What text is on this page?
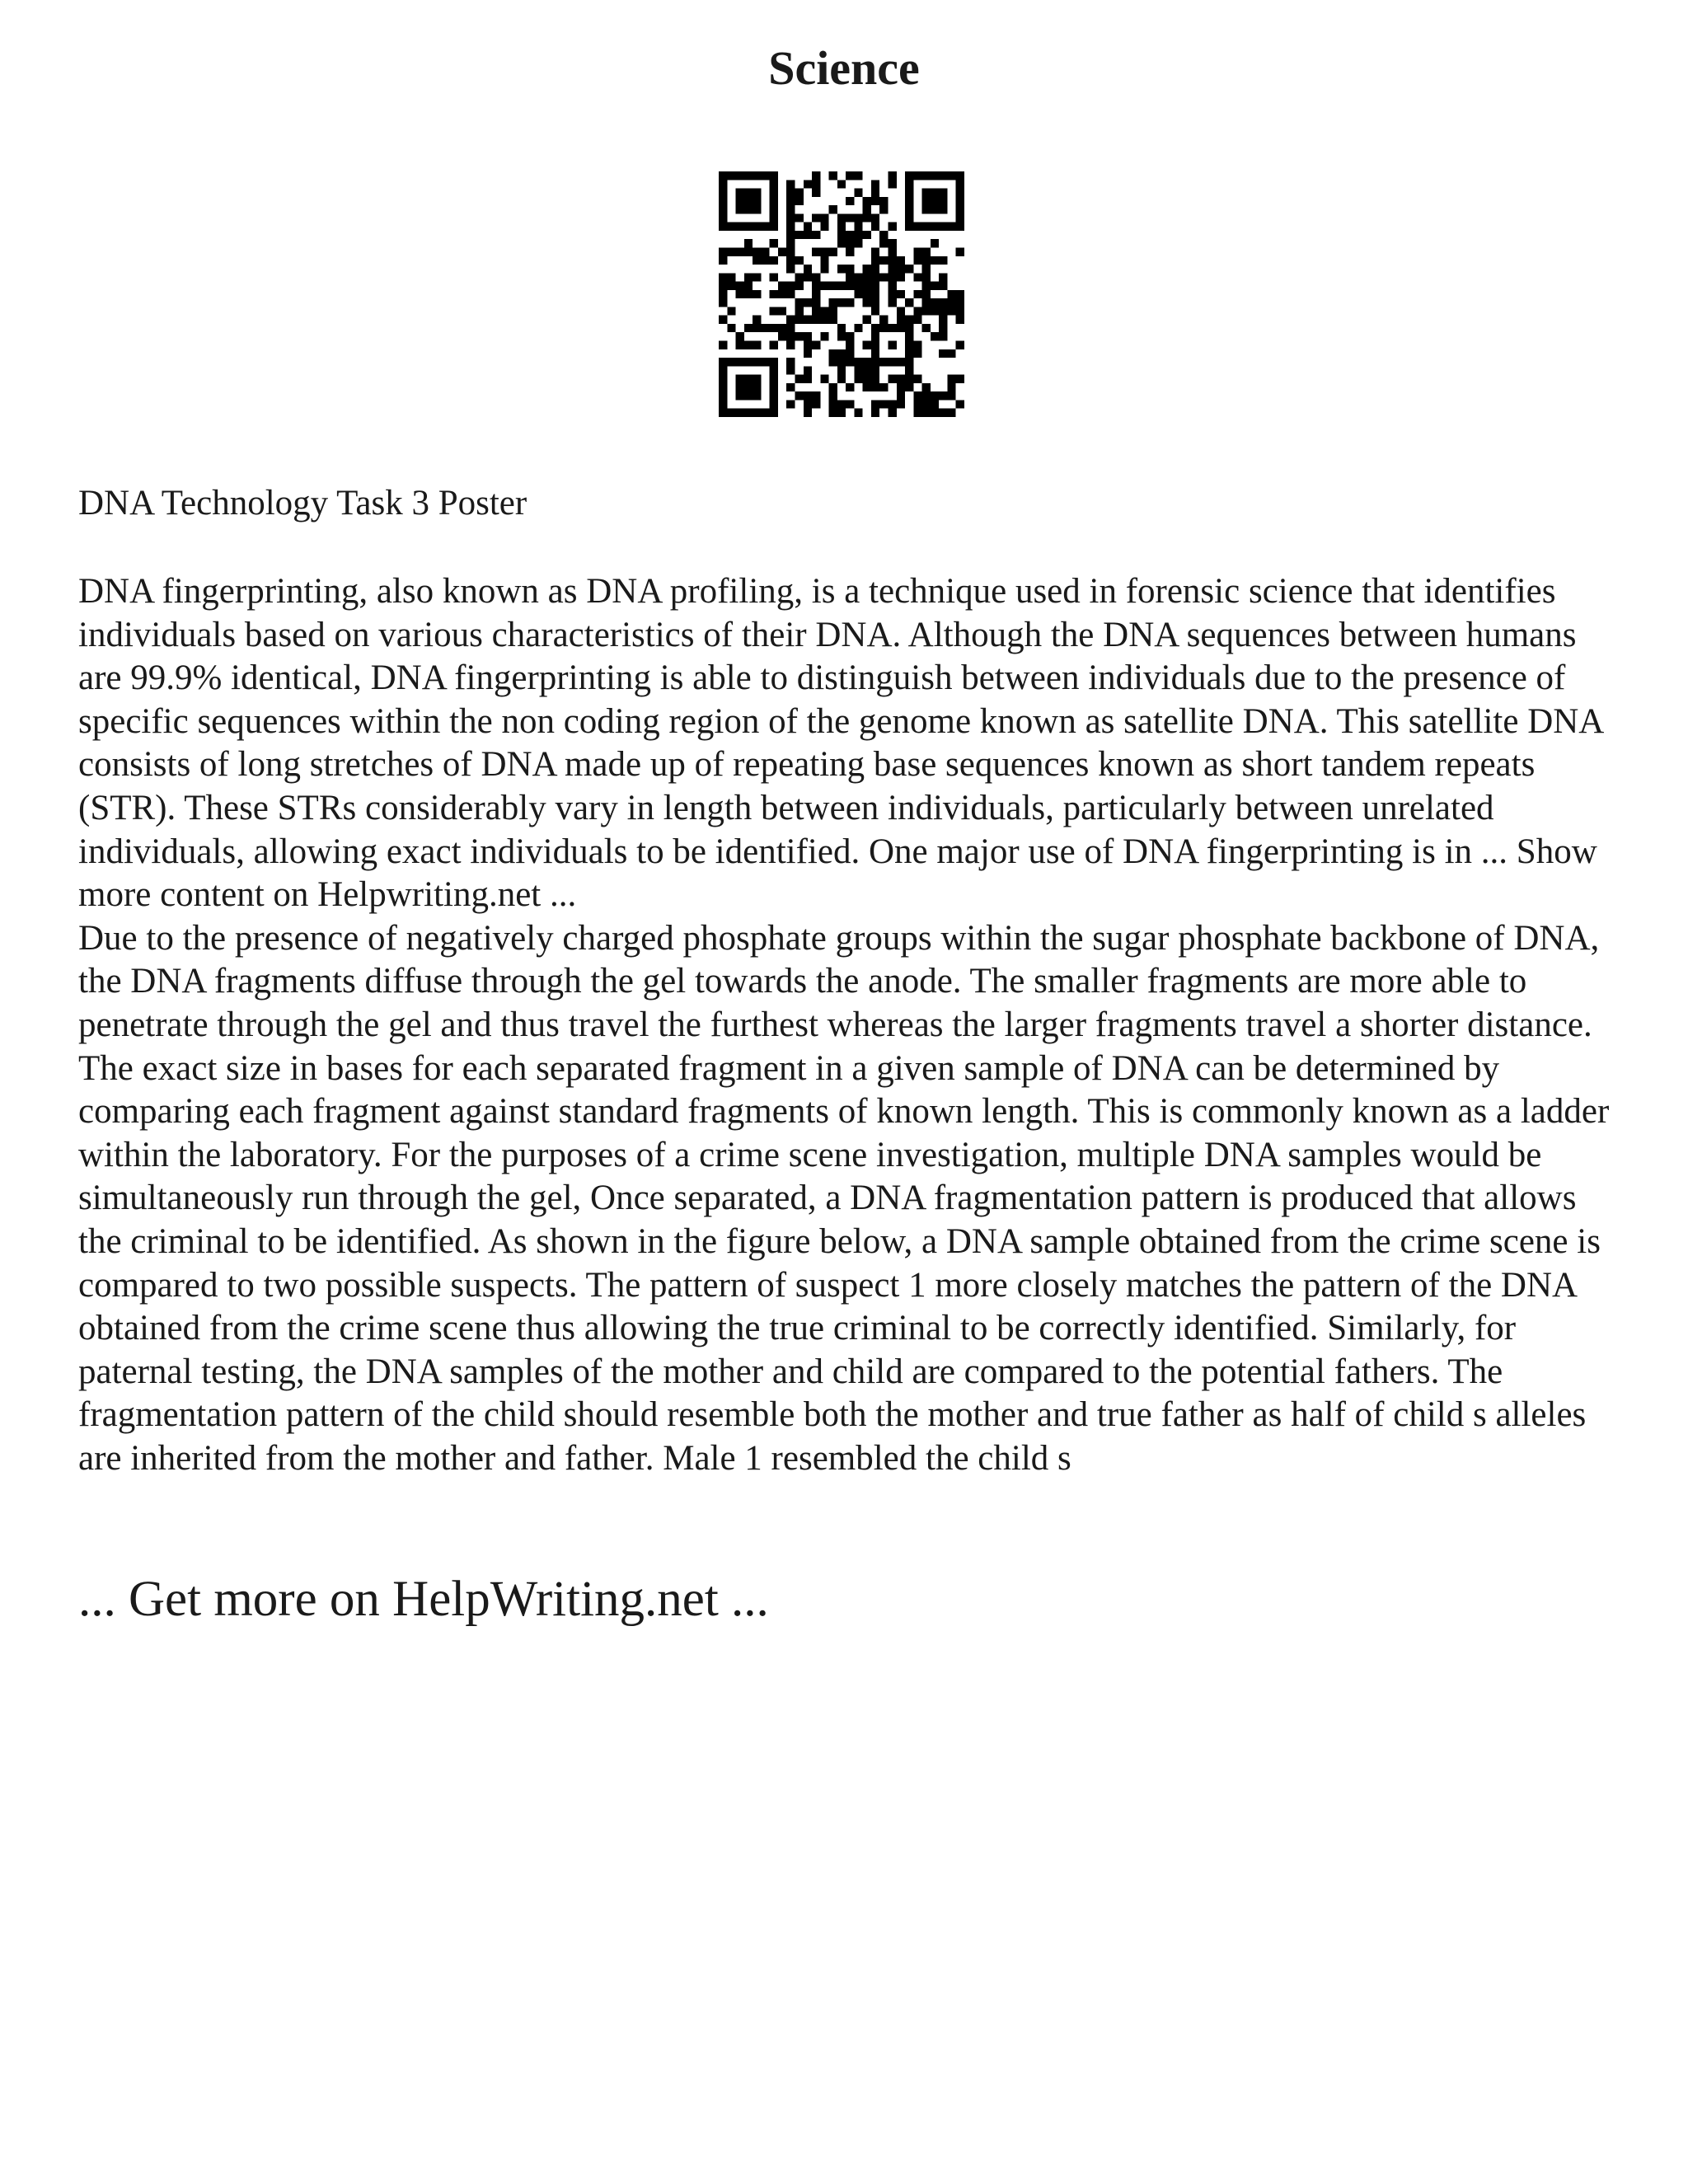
Science
DNA Technology Task 3 Poster

DNA fingerprinting, also known as DNA profiling, is a technique used in forensic science that identifies individuals based on various characteristics of their DNA. Although the DNA sequences between humans are 99.9% identical, DNA fingerprinting is able to distinguish between individuals due to the presence of specific sequences within the non coding region of the genome known as satellite DNA. This satellite DNA consists of long stretches of DNA made up of repeating base sequences known as short tandem repeats (STR). These STRs considerably vary in length between individuals, particularly between unrelated individuals, allowing exact individuals to be identified. One major use of DNA fingerprinting is in ... Show more content on Helpwriting.net ...

Due to the presence of negatively charged phosphate groups within the sugar phosphate backbone of DNA, the DNA fragments diffuse through the gel towards the anode. The smaller fragments are more able to penetrate through the gel and thus travel the furthest whereas the larger fragments travel a shorter distance. The exact size in bases for each separated fragment in a given sample of DNA can be determined by comparing each fragment against standard fragments of known length. This is commonly known as a ladder within the laboratory. For the purposes of a crime scene investigation, multiple DNA samples would be simultaneously run through the gel, Once separated, a DNA fragmentation pattern is produced that allows the criminal to be identified. As shown in the figure below, a DNA sample obtained from the crime scene is compared to two possible suspects. The pattern of suspect 1 more closely matches the pattern of the DNA obtained from the crime scene thus allowing the true criminal to be correctly identified. Similarly, for paternal testing, the DNA samples of the mother and child are compared to the potential fathers. The fragmentation pattern of the child should resemble both the mother and true father as half of child s alleles are inherited from the mother and father. Male 1 resembled the child s

... Get more on HelpWriting.net ...
